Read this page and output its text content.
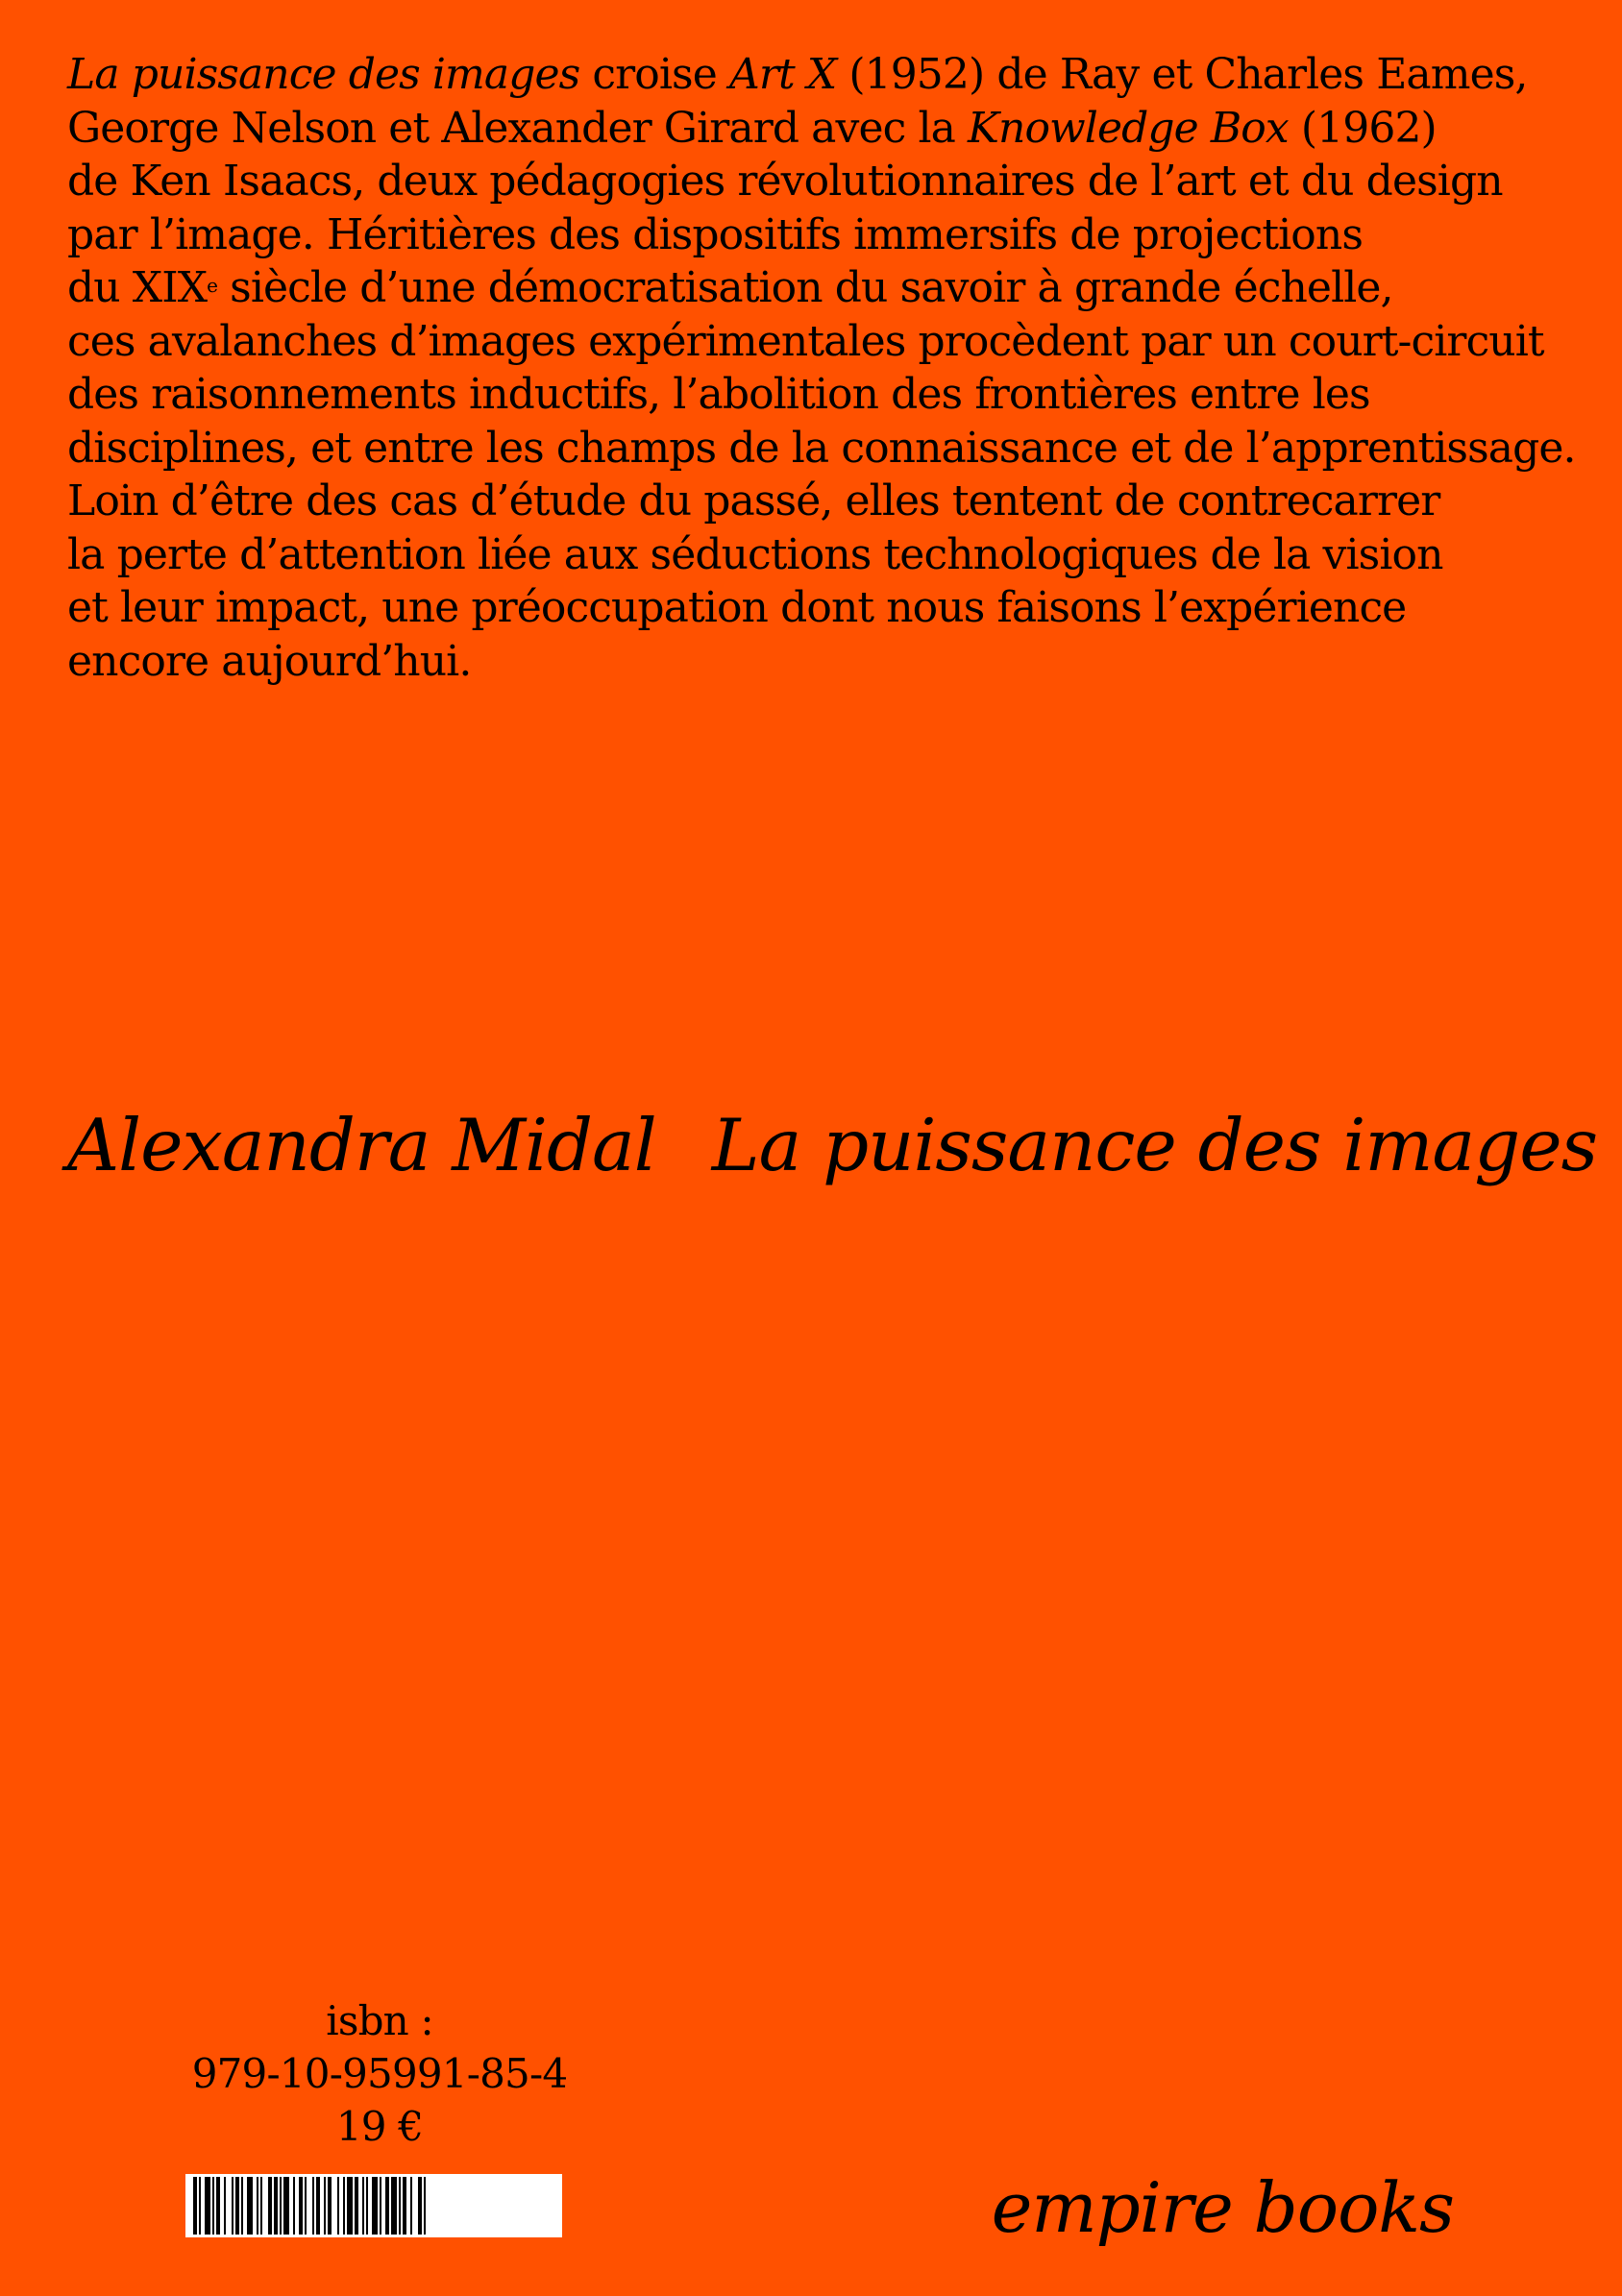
La puissance des images croise Art X (1952) de Ray et Charles Eames,
George Nelson et Alexander Girard avec la Knowledge Box (1962)
de Ken Isaacs, deux pédagogies révolutionnaires de l’art et du design
par l’image. Héritières des dispositifs immersifs de projections
du XIXe siècle d’une démocratisation du savoir à grande échelle,
ces avalanches d’images expérimentales procèdent par un court-circuit
des raisonnements inductifs, l’abolition des frontières entre les
disciplines, et entre les champs de la connaissance et de l’apprentissage.
Loin d’être des cas d’étude du passé, elles tentent de contrecarrer
la perte d’attention liée aux séductions technologiques de la vision
et leur impact, une préoccupation dont nous faisons l’expérience
encore aujourd’hui.
Alexandra Midal La puissance des images
isbn :
979-10-95991-85-4
19 €
empire books
